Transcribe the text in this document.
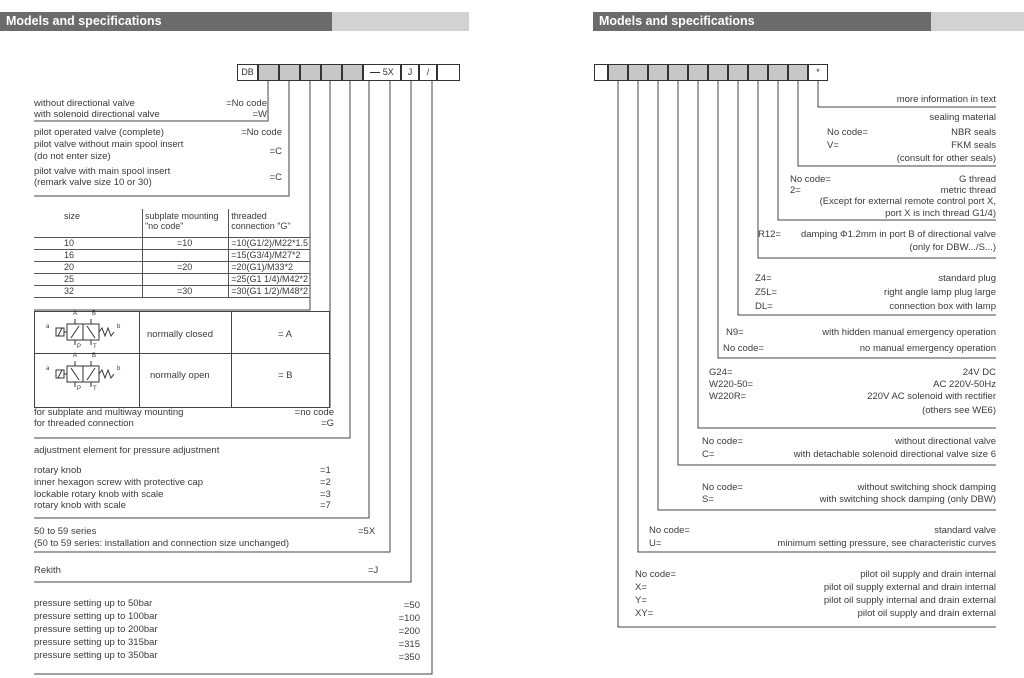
Models and specifications	Models and specifications
DB	5X	J	/
without directional valve	=No code
with solenoid directional valve	=W
pilot operated valve (complete)	=No code
pilot valve without main spool insert
(do not enter size)	=C
pilot valve with main spool insert
(remark valve size 10 or 30)	=C
size	subplate mounting "no code"	threaded connection "G"
10	=10	=10(G1/2)/M22*1.5
16		=15(G3/4)/M27*2
20	=20	=20(G1)/M33*2
25		=25(G1 1/4)/M42*2
32	=30	=30(G1 1/2)/M48*2
a	b
A B
P T
normally closed	= A
a	b
A B
P T
normally open	= B
for subplate and multiway mounting	=no code
for threaded connection	=G
adjustment element for pressure adjustment
rotary knob	=1
inner hexagon screw with protective cap	=2
lockable rotary knob with scale	=3
rotary knob with scale	=7
50 to 59 series	=5X
(50 to 59 series: installation and connection size unchanged)
Rekith	=J
pressure setting up to 50bar	=50
pressure setting up to 100bar	=100
pressure setting up to 200bar	=200
pressure setting up to 315bar	=315
pressure setting up to 350bar	=350
*
more information in text
sealing material
No code=	NBR seals
V=	FKM seals
(consult for other seals)
No code=	G thread
2=	metric thread
(Except for external remote control port X,
port X is inch thread G1/4)
R12= damping Φ1.2mm in port B of directional valve
(only for DBW.../S...)
Z4=	standard plug
Z5L=	right angle lamp plug large
DL=	connection box with lamp
N9=	with hidden manual emergency operation
No code=	no manual emergency operation
G24=	24V DC
W220-50=	AC 220V-50Hz
W220R=	220V AC solenoid with rectifier
(others see WE6)
No code=	without directional valve
C=	with detachable solenoid directional valve size 6
No code=	without switching shock damping
S=	with switching shock damping (only DBW)
No code=	standard valve
U=	minimum setting pressure, see characteristic curves
No code=	pilot oil supply and drain internal
X=	pilot oil supply external and drain internal
Y=	pilot oil supply internal and drain external
XY=	pilot oil supply and drain external
